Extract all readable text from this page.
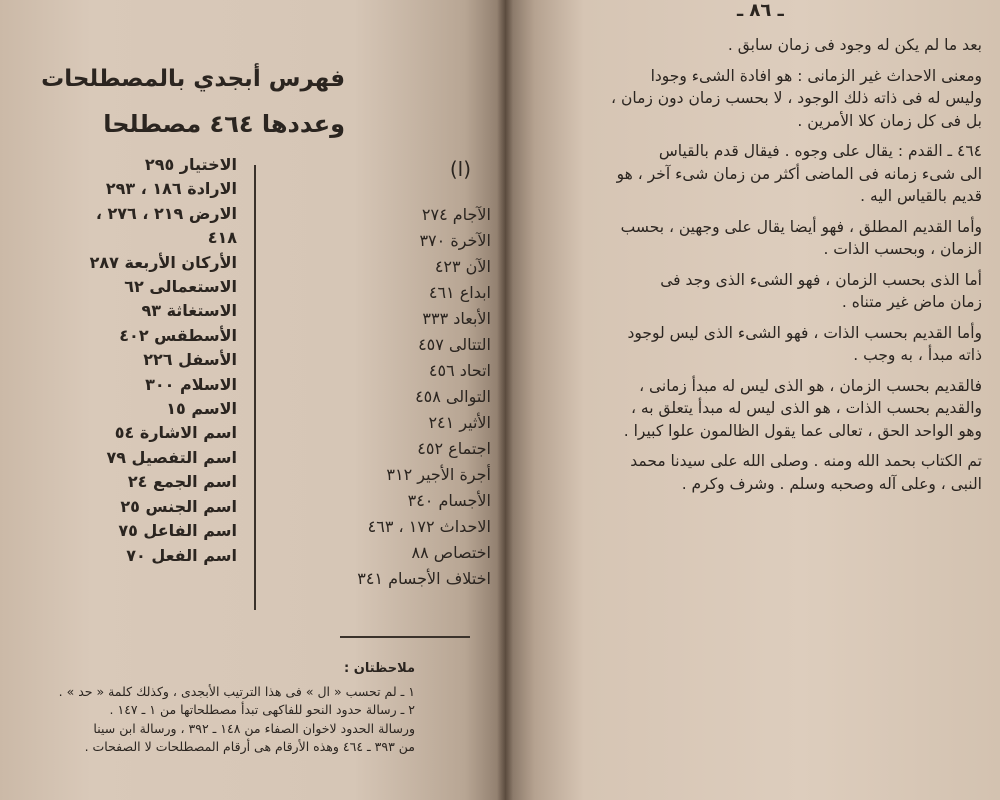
فهرس أبجدي بالمصطلحات
وعددها ٤٦٤ مصطلحا
الاختيار ٢٩٥
الارادة ١٨٦ ، ٢٩٣
الارض ٢١٩ ، ٢٧٦ ،
٤١٨
الأركان الأربعة ٢٨٧
الاستعمالى ٦٢
الاستغاثة ٩٣
الأسطقس ٤٠٢
الأسفل ٢٢٦
الاسلام ٣٠٠
الاسم ١٥
اسم الاشارة ٥٤
اسم التفصيل ٧٩
اسم الجمع ٢٤
اسم الجنس ٢٥
اسم الفاعل ٧٥
اسم الفعل ٧٠
(ا)
الآجام ٢٧٤
الآخرة ٣٧٠
الآن ٤٢٣
ابداع ٤٦١
الأبعاد ٣٣٣
التتالى ٤٥٧
اتحاد ٤٥٦
التوالى ٤٥٨
الأثير ٢٤١
اجتماع ٤٥٢
أجرة الأجير ٣١٢
الأجسام ٣٤٠
الاحداث ١٧٢ ، ٤٦٣
اختصاص ٨٨
اختلاف الأجسام ٣٤١
ملاحظتان :
١ ـ لم تحسب « ال » فى هذا الترتيب الأبجدى ، وكذلك كلمة « حد » .
٢ ـ رسالة حدود النحو للفاكهى تبدأ مصطلحاتها من ١ ـ ١٤٧ .
ورسالة الحدود لاخوان الصفاء من ١٤٨ ـ ٣٩٢ ، ورسالة ابن سينا
من ٣٩٣ ـ ٤٦٤ وهذه الأرقام هى أرقام المصطلحات لا الصفحات .
ـ ٨٦ ـ
بعد ما لم يكن له وجود فى زمان سابق .
ومعنى الاحداث غير الزمانى : هو افادة الشىء وجودا
وليس له فى ذاته ذلك الوجود ، لا بحسب زمان دون زمان ،
بل فى كل زمان كلا الأمرين .
٤٦٤ ـ القدم : يقال على وجوه . فيقال قدم بالقياس
الى شىء زمانه فى الماضى أكثر من زمان شىء آخر ، هو
قديم بالقياس اليه .
وأما القديم المطلق ، فهو أيضا يقال على وجهين ، بحسب
الزمان ، وبحسب الذات .
أما الذى بحسب الزمان ، فهو الشىء الذى وجد فى
زمان ماض غير متناه .
وأما القديم بحسب الذات ، فهو الشىء الذى ليس لوجود
ذاته مبدأ ، به وجب .
فالقديم بحسب الزمان ، هو الذى ليس له مبدأ زمانى ،
والقديم بحسب الذات ، هو الذى ليس له مبدأ يتعلق به ،
وهو الواحد الحق ، تعالى عما يقول الظالمون علوا كبيرا .
تم الكتاب بحمد الله ومنه . وصلى الله على سيدنا محمد
النبى ، وعلى آله وصحبه وسلم . وشرف وكرم .
